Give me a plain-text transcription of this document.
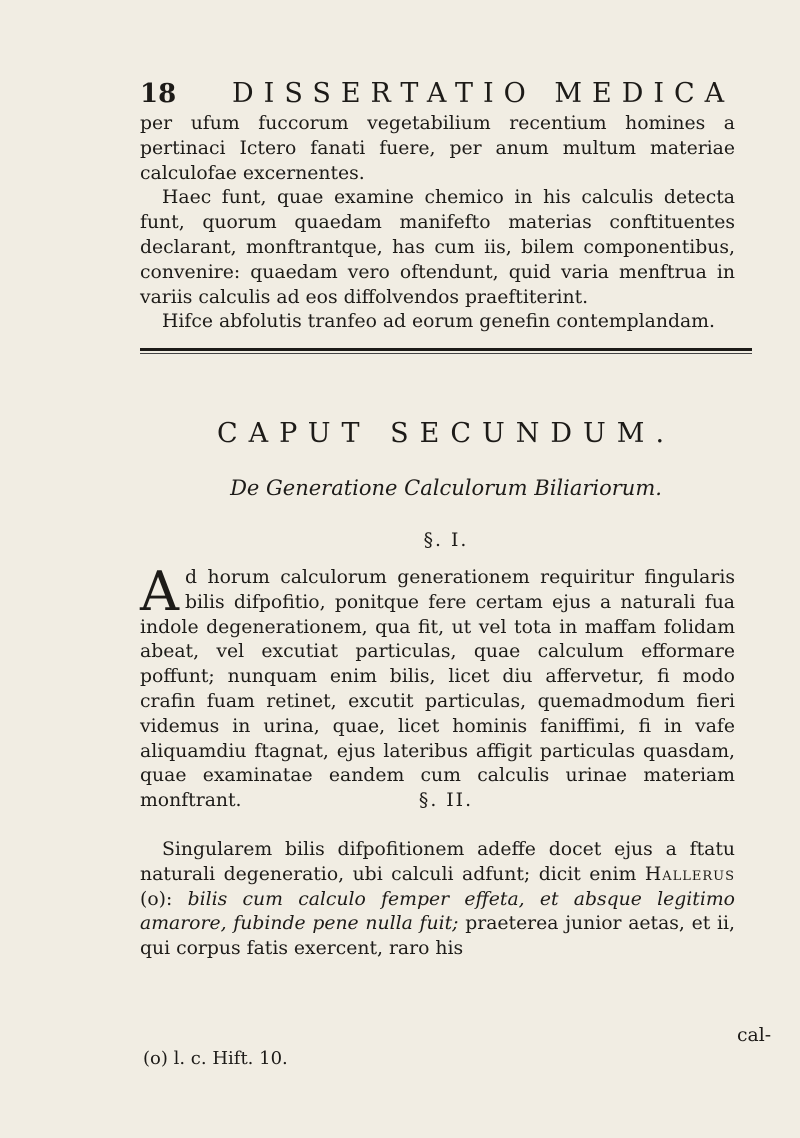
18	DISSERTATIO MEDICA

per ufum fuccorum vegetabilium recentium homines a pertinaci Ictero fanati fuere, per anum multum materiae calculofae excernentes.

Haec funt, quae examine chemico in his calculis detecta funt, quorum quaedam manifefto materias conftituentes declarant, monftrantque, has cum iis, bilem componentibus, convenire: quaedam vero oftendunt, quid varia menftrua in variis calculis ad eos diffolvendos praeftiterint.

Hifce abfolutis tranfeo ad eorum genefin contemplandam.

CAPUT SECUNDUM.
De Generatione Calculorum Biliariorum.
§. I.

A d horum calculorum generationem requiritur fingularis bilis difpofitio, ponitque fere certam ejus a naturali fua indole degenerationem, qua fit, ut vel tota in maffam folidam abeat, vel excutiat particulas, quae calculum efformare poffunt; nunquam enim bilis, licet diu affervetur, fi modo crafin fuam retinet, excutit particulas, quemadmodum fieri videmus in urina, quae, licet hominis faniffimi, fi in vafe aliquamdiu ftagnat, ejus lateribus affigit particulas quasdam, quae examinatae eandem cum calculis urinae materiam monftrant.	§. II.

Singularem bilis difpofitionem adeffe docet ejus a ftatu naturali degeneratio, ubi calculi adfunt; dicit enim Hallerus (o): bilis cum calculo femper effeta, et absque legitimo amarore, fubinde pene nulla fuit; praeterea junior aetas, et ii, qui corpus fatis exercent, raro his

cal-
(o) l. c. Hift. 10.
